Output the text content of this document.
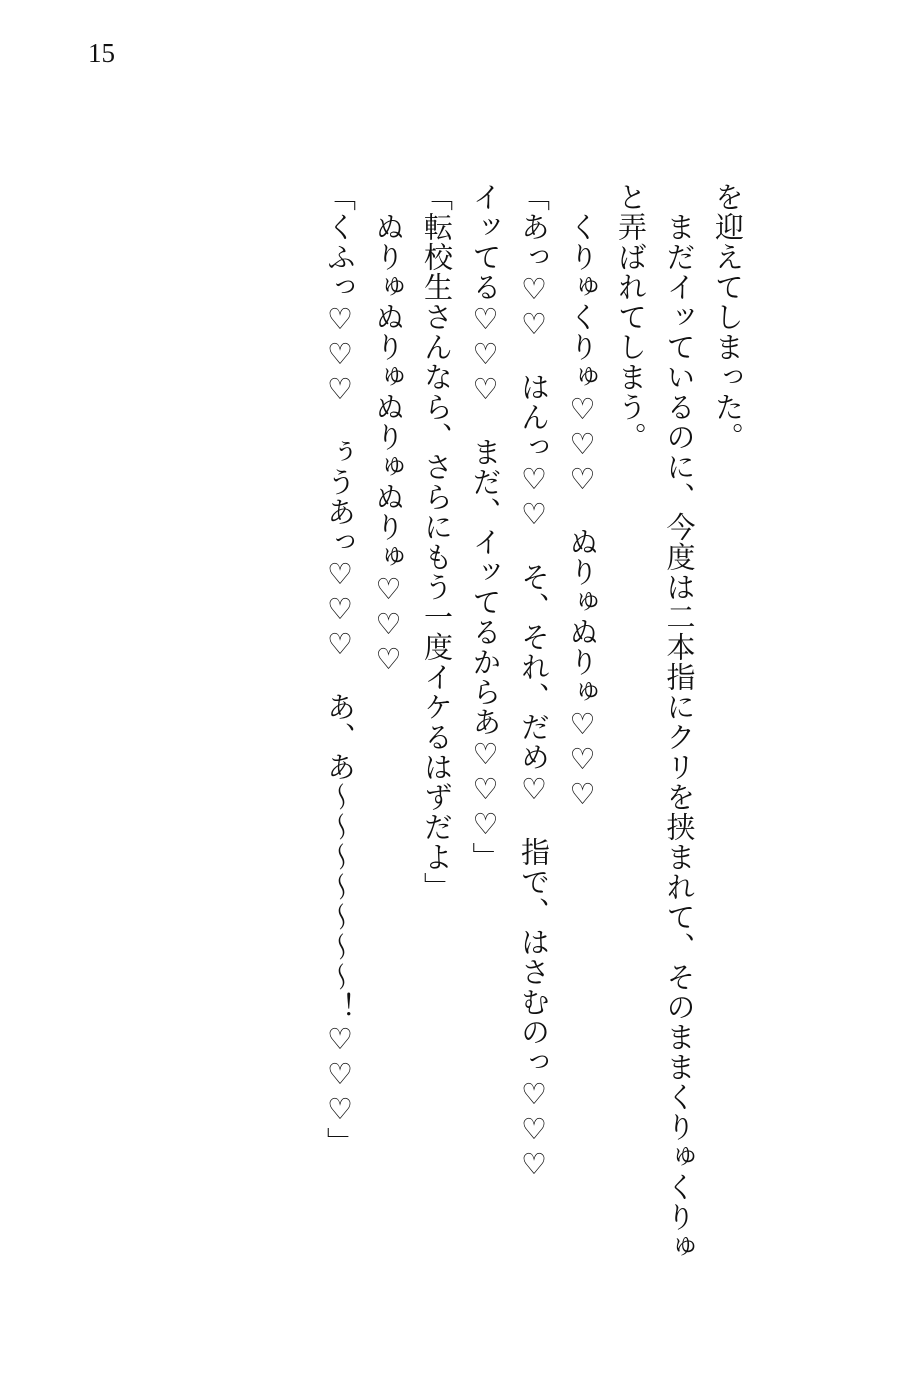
15

を迎えてしまった。

　まだイッているのに、今度は二本指にクリを挟まれて、そのままくりゅくりゅ

と弄ばれてしまう。

　くりゅくりゅ♡♡♡　ぬりゅぬりゅ♡♡♡

「あっ♡♡　はんっ♡♡　そ、それ、だめ♡　指で、はさむのっ♡♡♡

イッてる♡♡♡　まだ、イッてるからあ♡♡♡」

「転校生さんなら、さらにもう一度イケるはずだよ」

　ぬりゅぬりゅぬりゅぬりゅ♡♡♡

「くふっ♡♡♡　ぅうあっ♡♡♡　あ、あ〜〜〜〜〜〜〜！♡♡♡」
